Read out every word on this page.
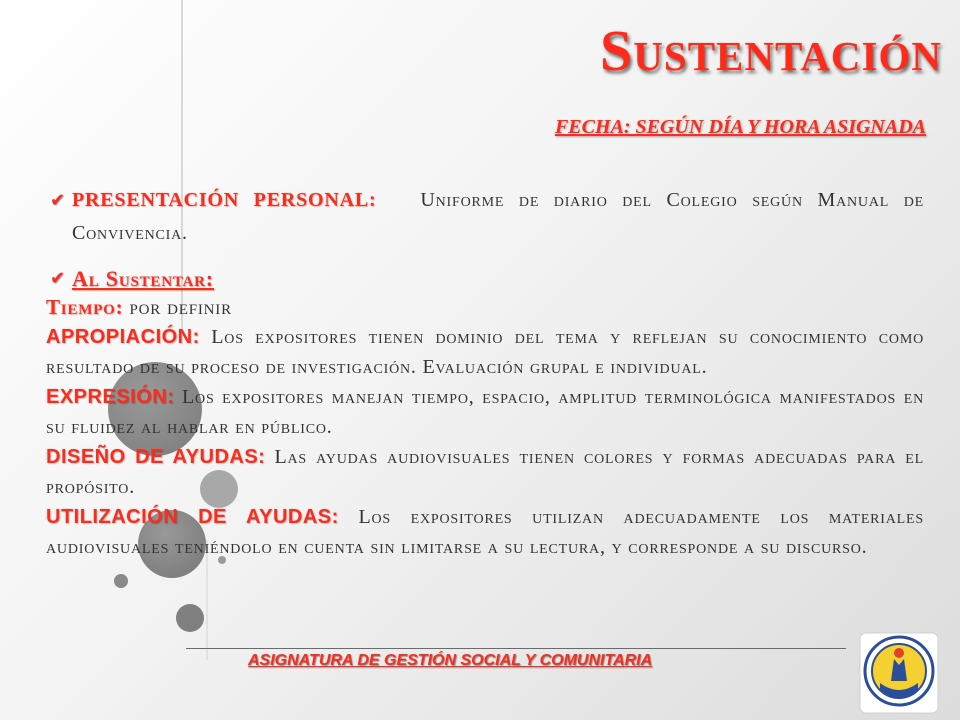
Sustentación
FECHA: SEGÚN DÍA Y HORA ASIGNADA

✔ PRESENTACIÓN PERSONAL: Uniforme de diario del Colegio según Manual de Convivencia.

✔ Al Sustentar:

Tiempo: por definir

APROPIACIÓN: Los expositores tienen dominio del tema y reflejan su conocimiento como resultado de su proceso de investigación. Evaluación grupal e individual.

EXPRESIÓN: Los expositores manejan tiempo, espacio, amplitud terminológica manifestados en su fluidez al hablar en público.

DISEÑO DE AYUDAS: Las ayudas audiovisuales tienen colores y formas adecuadas para el propósito.

UTILIZACIÓN DE AYUDAS: Los expositores utilizan adecuadamente los materiales audiovisuales teniéndolo en cuenta sin limitarse a su lectura, y corresponde a su discurso.

ASIGNATURA DE GESTIÓN SOCIAL Y COMUNITARIA
